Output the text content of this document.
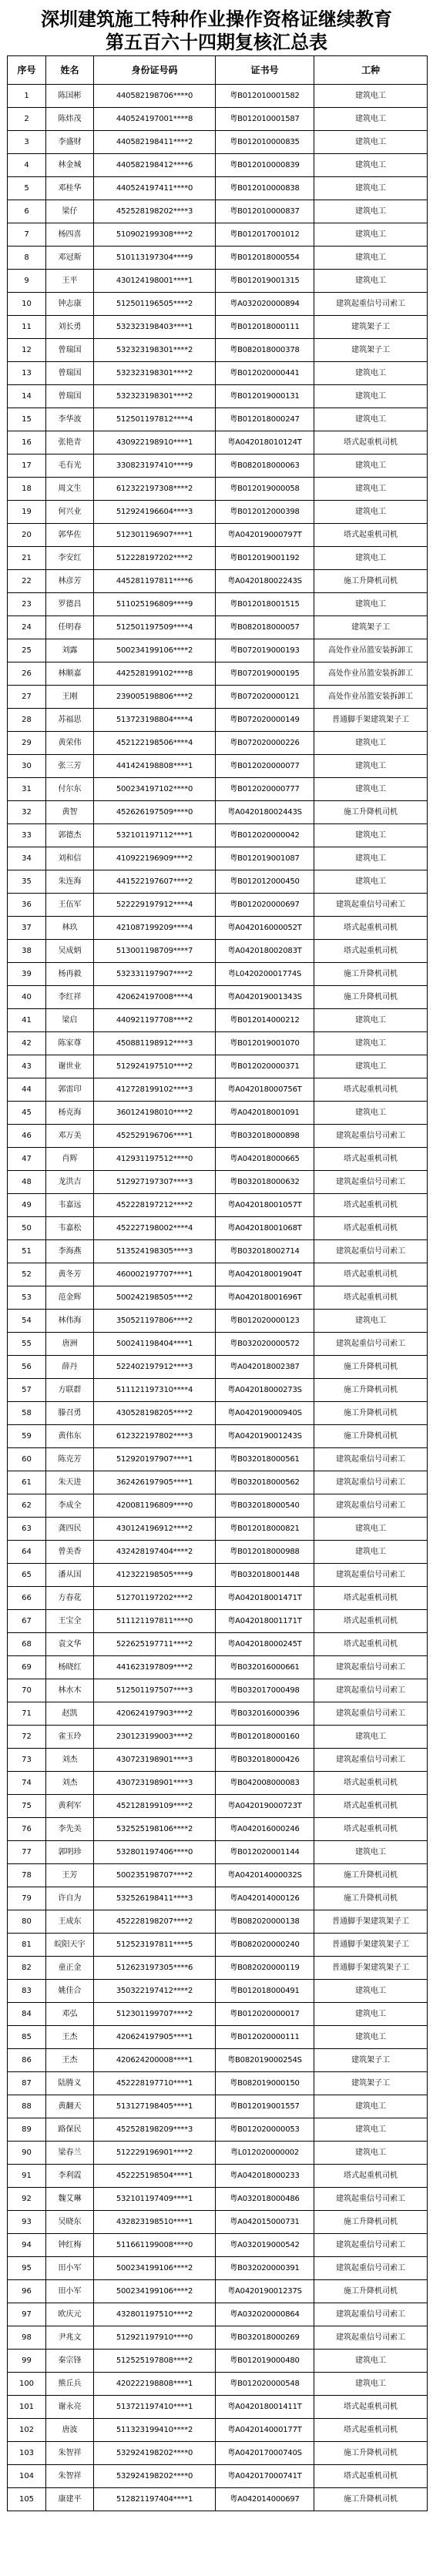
深圳建筑施工特种作业操作资格证继续教育
第五百六十四期复核汇总表
序号	姓名	身份证号码	证书号	工种
1	陈国彬	440582198706****0	粤B012010001582	建筑电工
2	陈炜茂	440524197001****8	粤B012010001587	建筑电工
3	李盛财	440582198411****2	粤B012010000835	建筑电工
4	林金城	440582198412****6	粤B012010000839	建筑电工
5	邓桂华	440524197411****0	粤B012010000838	建筑电工
6	梁仔	452528198202****3	粤B012010000837	建筑电工
7	杨四喜	510902199308****2	粤B012017001012	建筑电工
8	邓冠斯	510113197304****9	粤B012018000554	建筑电工
9	王平	430124198001****1	粤B012019001315	建筑电工
10	钟志康	512501196505****2	粤A032020000894	建筑起重信号司索工
11	刘长勇	532323198403****1	粤B012018000111	建筑架子工
12	曾瑞国	532323198301****2	粤B082018000378	建筑架子工
13	曾瑞国	532323198301****2	粤B012020000441	建筑电工
14	曾瑞国	532323198301****2	粤B012019000131	建筑电工
15	李华波	512501197812****4	粤B012018000247	建筑电工
16	张艳青	430922198910****1	粤A042018010124T	塔式起重机司机
17	毛有光	330823197410****9	粤B082018000063	建筑电工
18	周文生	612322197308****2	粤B012019000058	建筑电工
19	何兴业	512924196604****3	粤B012012000398	建筑电工
20	郭华佐	512301196907****1	粤A042019000797T	塔式起重机司机
21	李安红	512228197202****2	粤B012019001192	建筑电工
22	林彦芳	445281197811****6	粤A042018002243S	施工升降机司机
23	罗德昌	511025196809****9	粤B012018001515	建筑电工
24	任明春	512501197509****4	粤B082018000057	建筑架子工
25	刘露	500234199106****2	粤B072019000193	高处作业吊篮安装拆卸工
26	林顺嘉	442528199102****8	粤B072019000195	高处作业吊篮安装拆卸工
27	王刚	239005198806****2	粤B072020000121	高处作业吊篮安装拆卸工
28	苏福思	513723198804****4	粤B072020000149	普通脚手架建筑架子工
29	黄荣伟	452122198506****4	粤B072020000226	建筑电工
30	张三芳	441424198808****1	粤B012020000077	建筑电工
31	付尔东	500234197102****0	粤B012020000777	建筑电工
32	黄智	452626197509****0	粤A042018002443S	施工升降机司机
33	郭德杰	532101197112****1	粤B012020000042	建筑电工
34	刘和信	410922196909****2	粤B012019001087	建筑电工
35	朱连海	441522197607****2	粤B012012000450	建筑电工
36	王伍军	522229197912****4	粤B012020000697	建筑起重信号司索工
37	林玖	421087199209****4	粤A042016000052T	塔式起重机司机
38	吴成炳	513001198709****7	粤A042018002083T	塔式起重机司机
39	杨再毅	532331197907****2	粤L042020001774S	施工升降机司机
40	李红祥	420624197008****4	粤A042019001343S	施工升降机司机
41	梁启	440921197708****2	粤B012014000212	建筑电工
42	陈家尊	450881198912****3	粤B012019001070	建筑电工
43	谢世业	512924197510****2	粤B012020000371	建筑电工
44	郭雷印	412728199102****3	粤A042018000756T	塔式起重机司机
45	杨克海	360124198010****2	粤A042018001091	建筑电工
46	邓万美	452529196706****1	粤B032018000898	建筑起重信号司索工
47	肖辉	412931197512****0	粤A042018000665	塔式起重机司机
48	龙洪吉	512927197307****3	粤B032018000632	建筑起重信号司索工
49	韦嘉远	452228197212****2	粤A042018001057T	塔式起重机司机
50	韦嘉松	452227198002****4	粤A042018001068T	塔式起重机司机
51	李海燕	513524198305****3	粤B032018002714	建筑起重信号司索工
52	黄冬芳	460002197707****1	粤A042018001904T	塔式起重机司机
53	范金辉	500242198505****2	粤A042018001696T	塔式起重机司机
54	林伟海	350521197806****2	粤B012020000123	建筑电工
55	唐洲	500241198404****1	粤B032020000572	建筑起重信号司索工
56	薛丹	522402197912****3	粤A042018002387	施工升降机司机
57	方联群	511121197310****4	粤A042018000273S	施工升降机司机
58	滕召勇	430528198205****2	粤A042019000940S	施工升降机司机
59	黄伟东	612322197802****3	粤A042019001243S	施工升降机司机
60	陈克芳	512920197907****1	粤B032018000561	建筑起重信号司索工
61	朱天进	362426197905****1	粤B032018000562	建筑起重信号司索工
62	李成全	420081196809****0	粤B032018000540	建筑起重信号司索工
63	龚四民	430124196912****2	粤B012018000821	建筑电工
64	曾美香	432428197404****2	粤B012018000988	建筑电工
65	潘从国	412322198505****9	粤B032018001448	建筑起重信号司索工
66	方春花	512701197202****2	粤A042018001471T	塔式起重机司机
67	王宝全	511121197811****0	粤A042018001171T	塔式起重机司机
68	袁文华	522625197711****2	粤A042018000245T	塔式起重机司机
69	杨晓红	441623197809****2	粤B032016000661	建筑起重信号司索工
70	林水木	512501197507****3	粤B032017000498	建筑起重信号司索工
71	赵凯	420624197903****2	粤B032016000396	建筑起重信号司索工
72	雀玉玲	230123199003****2	粤B012018000160	建筑电工
73	刘杰	430723198901****3	粤B032018000426	建筑起重信号司索工
74	刘杰	430723198901****3	粤B042008000083	塔式起重机司机
75	黄利军	452128199109****2	粤A042019000723T	塔式起重机司机
76	李先美	532525198106****2	粤A042016000246	塔式起重机司机
77	郭明珍	532801197406****0	粤B012020001144	建筑电工
78	王芳	500235198707****2	粤A042014000032S	施工升降机司机
79	许自为	532526198411****3	粤A042014000126	施工升降机司机
80	王成东	452228198207****2	粤B082020000138	普通脚手架建筑架子工
81	皖阳天宇	512523197811****5	粤B082020000240	普通脚手架建筑架子工
82	童正金	512623197305****6	粤B082020000119	普通脚手架建筑架子工
83	姚佳合	350322197412****2	粤B012018000491	建筑电工
84	邓弘	512301199707****2	粤B012020000017	建筑电工
85	王杰	420624197905****1	粤B012020000111	建筑电工
86	王杰	420624200008****1	粤B082019000254S	建筑架子工
87	陆腾义	452228197710****1	粤B082019000150	建筑架子工
88	黄翻天	513127198405****1	粤B012019001557	建筑电工
89	路保民	452528198209****3	粤B012020000053	建筑电工
90	梁春兰	512229196901****2	粤L012020000002	建筑电工
91	李利霞	452225198504****1	粤A042018000233	塔式起重机司机
92	魏艾琳	532101197409****1	粤A032018000486	建筑起重信号司索工
93	吴晓东	432823198510****1	粤A042015000731	施工升降机司机
94	钟红梅	511661199008****0	粤A032019000542	建筑起重信号司索工
95	田小军	500234199106****2	粤B032020000391	建筑起重信号司索工
96	田小军	500234199106****2	粤A042019001237S	施工升降机司机
97	欧庆元	432801197510****2	粤A032020000864	建筑起重信号司索工
98	尹兆文	512921197910****0	粤B032018000269	建筑起重信号司索工
99	秦宗锋	512525197808****2	粤B012019000480	建筑电工
100	熊丘兵	420222198808****1	粤B012020000548	建筑电工
101	谢永亮	513721197410****1	粤A042018001411T	塔式起重机司机
102	唐波	511323199410****2	粤A042014000177T	塔式起重机司机
103	朱智祥	532924198202****0	粤A042017000740S	施工升降机司机
104	朱智祥	532924198202****0	粤A042017000741T	塔式起重机司机
105	康建平	512821197404****1	粤A042014000697	施工升降机司机
